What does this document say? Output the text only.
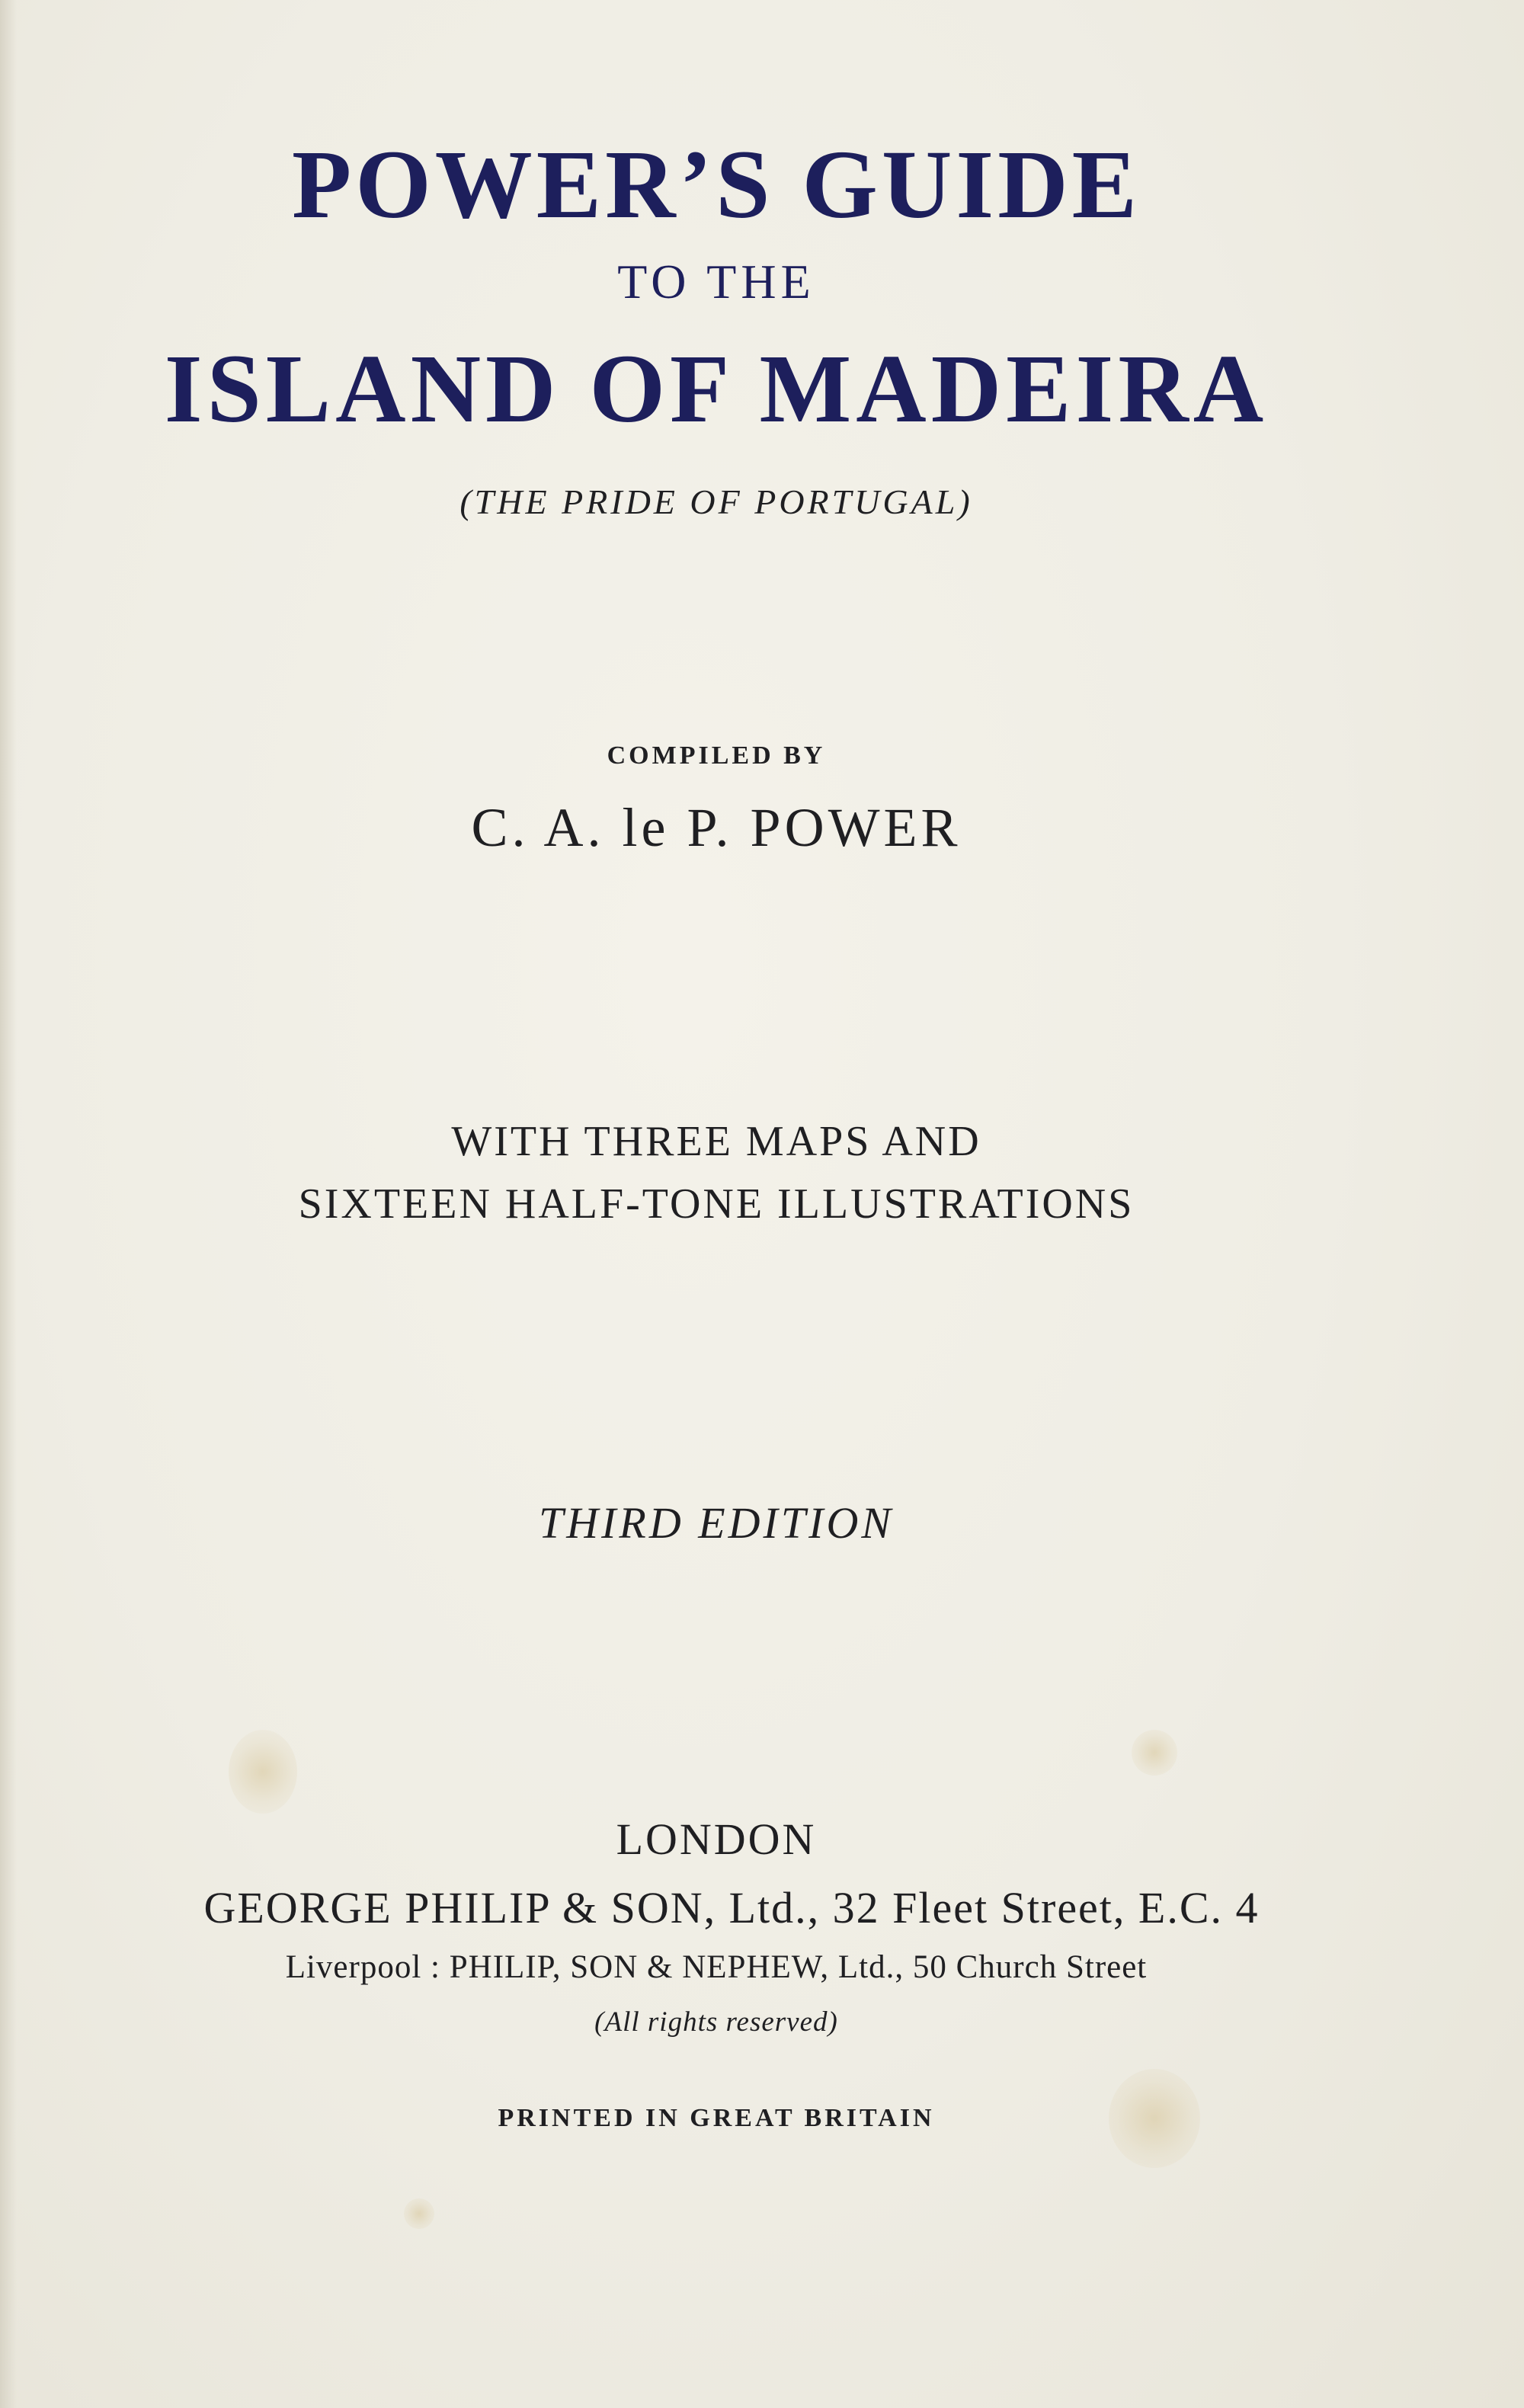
POWER’S GUIDE
TO THE
ISLAND OF MADEIRA
(THE PRIDE OF PORTUGAL)
COMPILED BY
C. A. le P. POWER
WITH THREE MAPS AND
SIXTEEN HALF-TONE ILLUSTRATIONS
THIRD EDITION
LONDON
GEORGE PHILIP & SON, Ltd., 32 Fleet Street, E.C. 4
Liverpool : PHILIP, SON & NEPHEW, Ltd., 50 Church Street
(All rights reserved)
PRINTED IN GREAT BRITAIN
